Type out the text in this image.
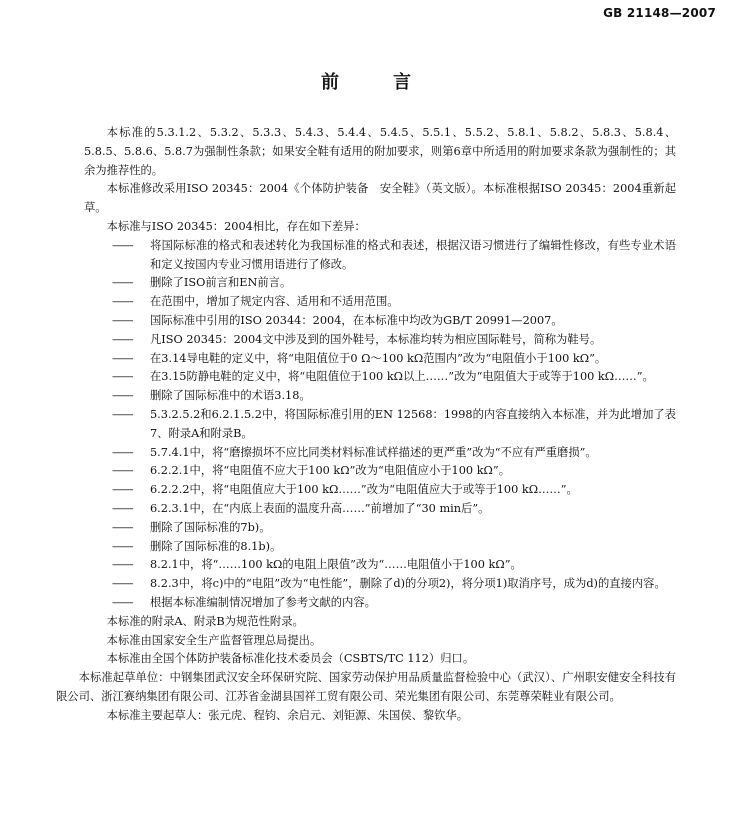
GB 21148—2007
前　言

本标准的5.3.1.2、5.3.2、5.3.3、5.4.3、5.4.4、5.4.5、5.5.1、5.5.2、5.8.1、5.8.2、5.8.3、5.8.4、5.8.5、5.8.6、5.8.7为强制性条款；如果安全鞋有适用的附加要求，则第6章中所适用的附加要求条款为强制性的；其余为推荐性的。

本标准修改采用ISO 20345：2004《个体防护装备　安全鞋》（英文版）。本标准根据ISO 20345：2004重新起草。

本标准与ISO 20345：2004相比，存在如下差异：

——将国际标准的格式和表述转化为我国标准的格式和表述，根据汉语习惯进行了编辑性修改，有些专业术语和定义按国内专业习惯用语进行了修改。

——删除了ISO前言和EN前言。

——在范围中，增加了规定内容、适用和不适用范围。

——国际标准中引用的ISO 20344：2004，在本标准中均改为GB/T 20991—2007。

——凡ISO 20345：2004文中涉及到的国外鞋号，本标准均转为相应国际鞋号，简称为鞋号。

——在3.14导电鞋的定义中，将“电阻值位于0 Ω～100 kΩ范围内”改为“电阻值小于100 kΩ”。

——在3.15防静电鞋的定义中，将“电阻值位于100 kΩ以上……”改为“电阻值大于或等于100 kΩ……”。

——删除了国际标准中的术语3.18。

——5.3.2.5.2和6.2.1.5.2中，将国际标准引用的EN 12568：1998的内容直接纳入本标准，并为此增加了表7、附录A和附录B。

——5.7.4.1中，将“磨擦损坏不应比同类材料标准试样描述的更严重”改为“不应有严重磨损”。

——6.2.2.1中，将“电阻值不应大于100 kΩ”改为“电阻值应小于100 kΩ”。

——6.2.2.2中，将“电阻值应大于100 kΩ……”改为“电阻值应大于或等于100 kΩ……”。

——6.2.3.1中，在“内底上表面的温度升高……”前增加了“30 min后”。

——删除了国际标准的7b)。

——删除了国际标准的8.1b)。

——8.2.1中，将“……100 kΩ的电阻上限值”改为“……电阻值小于100 kΩ”。

——8.2.3中，将c)中的“电阻”改为“电性能”，删除了d)的分项2)，将分项1)取消序号，成为d)的直接内容。

——根据本标准编制情况增加了参考文献的内容。

本标准的附录A、附录B为规范性附录。

本标准由国家安全生产监督管理总局提出。

本标准由全国个体防护装备标准化技术委员会（CSBTS/TC 112）归口。

本标准起草单位：中钢集团武汉安全环保研究院、国家劳动保护用品质量监督检验中心（武汉）、广州职安健安全科技有限公司、浙江赛纳集团有限公司、江苏省金湖县国祥工贸有限公司、荣光集团有限公司、东莞尊荣鞋业有限公司。

本标准主要起草人：张元虎、程钧、余启元、刘钜源、朱国侯、黎钦华。
